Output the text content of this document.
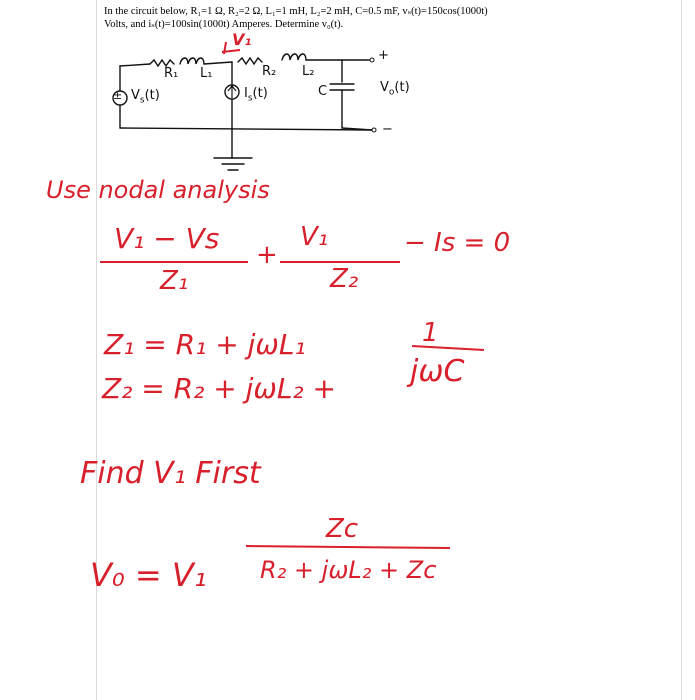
In the circuit below, R₁=1 Ω, R₂=2 Ω, L₁=1 mH, L₂=2 mH, C=0.5 mF, vₛ(t)=150cos(1000t)
Volts, and iₛ(t)=100sin(1000t) Amperes. Determine v₀(t).
V₁
R₁ L₁	R₂ L₂
C
± $V_s(t)$	$I_s(t)$	$V_o(t)$
+
−
Use nodal analysis
V₁ − Vs
Z₁
+
V₁
Z₂
− Is = 0
Z₁ = R₁ + jωL₁	1
Z₂ = R₂ + jωL₂ + jωC
Find V₁ First
Zc
V₀ = V₁ R₂ + jωL₂ + Zc
